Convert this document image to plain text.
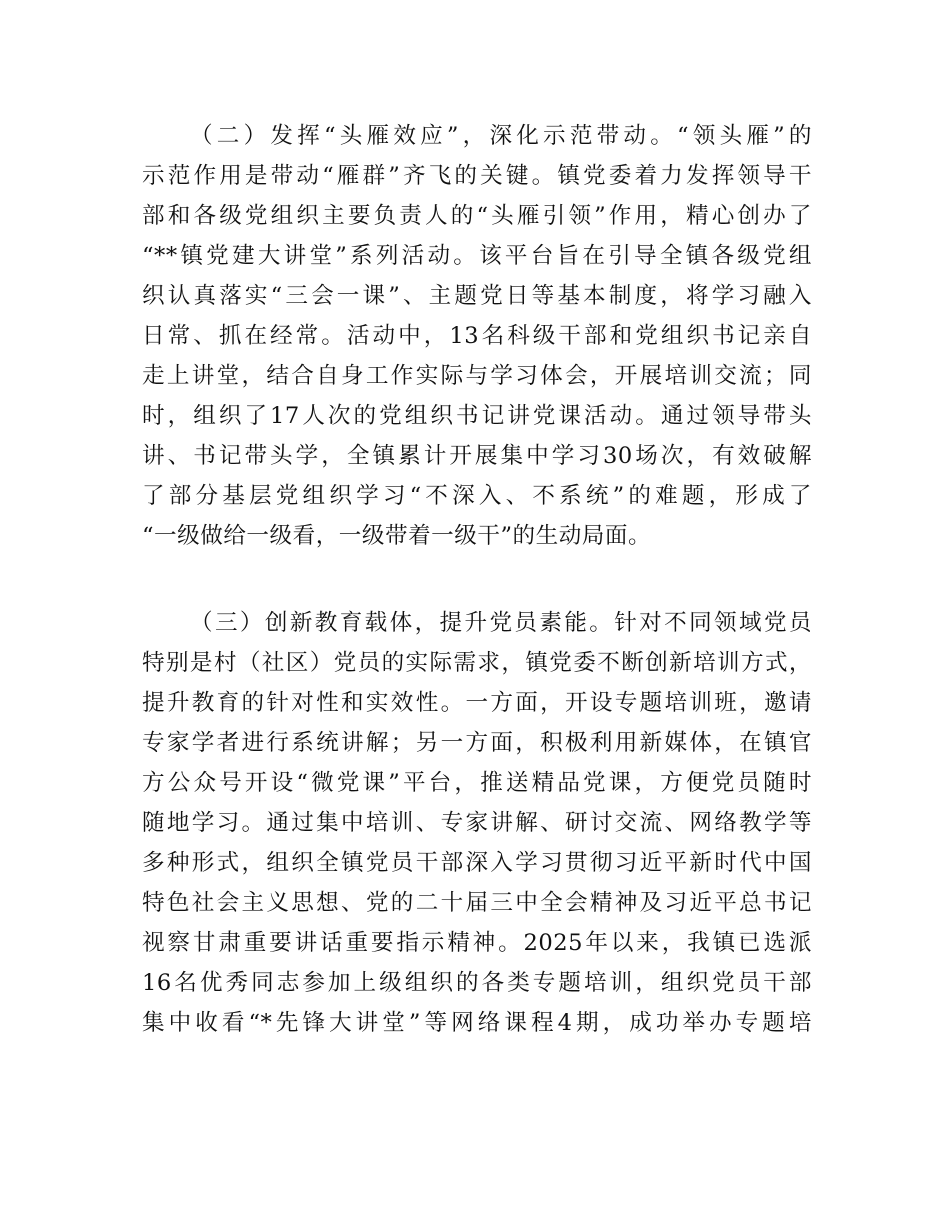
（二）发挥“头雁效应”，深化示范带动。“领头雁”的
示范作用是带动“雁群”齐飞的关键。镇党委着力发挥领导干
部和各级党组织主要负责人的“头雁引领”作用，精心创办了
“**镇党建大讲堂”系列活动。该平台旨在引导全镇各级党组
织认真落实“三会一课”、主题党日等基本制度，将学习融入
日常、抓在经常。活动中，13名科级干部和党组织书记亲自
走上讲堂，结合自身工作实际与学习体会，开展培训交流；同
时，组织了17人次的党组织书记讲党课活动。通过领导带头
讲、书记带头学，全镇累计开展集中学习30场次，有效破解
了部分基层党组织学习“不深入、不系统”的难题，形成了
“一级做给一级看，一级带着一级干”的生动局面。
（三）创新教育载体，提升党员素能。针对不同领域党员
特别是村（社区）党员的实际需求，镇党委不断创新培训方式，
提升教育的针对性和实效性。一方面，开设专题培训班，邀请
专家学者进行系统讲解；另一方面，积极利用新媒体，在镇官
方公众号开设“微党课”平台，推送精品党课，方便党员随时
随地学习。通过集中培训、专家讲解、研讨交流、网络教学等
多种形式，组织全镇党员干部深入学习贯彻习近平新时代中国
特色社会主义思想、党的二十届三中全会精神及习近平总书记
视察甘肃重要讲话重要指示精神。2025年以来，我镇已选派
16名优秀同志参加上级组织的各类专题培训，组织党员干部
集中收看“*先锋大讲堂”等网络课程4期，成功举办专题培
